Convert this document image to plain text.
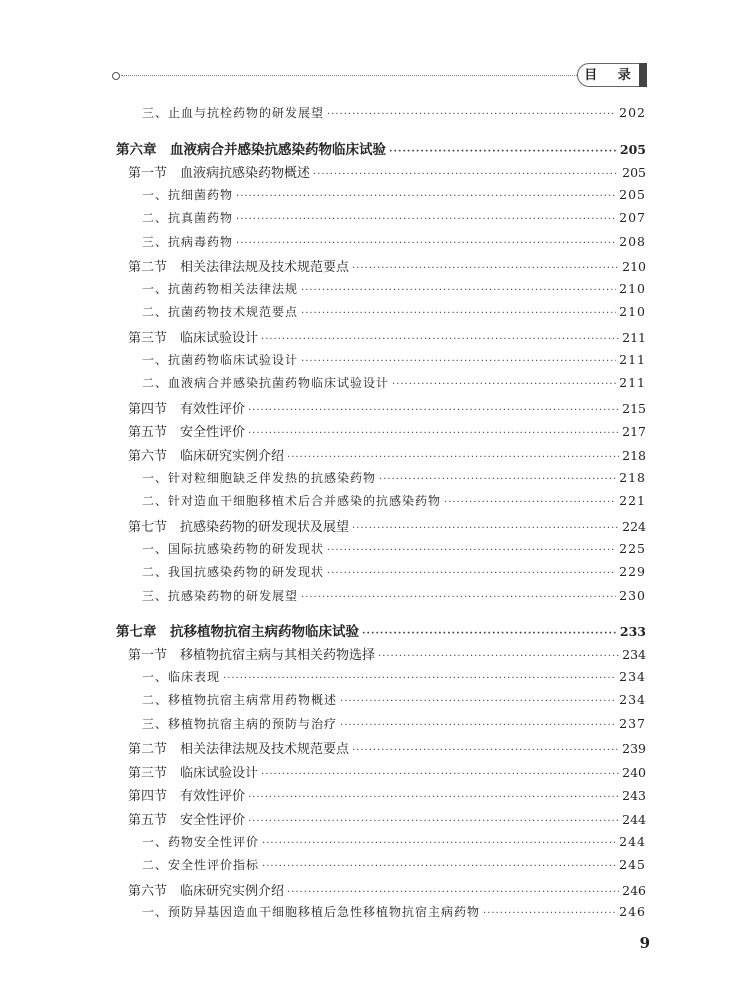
目 录
三、止血与抗栓药物的研发展望 ·····	202
第六章　血液病合并感染抗感染药物临床试验 ·····	205
第一节　血液病抗感染药物概述 ·····	205
一、抗细菌药物 ·····	205
二、抗真菌药物 ·····	207
三、抗病毒药物 ·····	208
第二节　相关法律法规及技术规范要点 ·····	210
一、抗菌药物相关法律法规 ·····	210
二、抗菌药物技术规范要点 ·····	210
第三节　临床试验设计 ·····	211
一、抗菌药物临床试验设计 ·····	211
二、血液病合并感染抗菌药物临床试验设计 ·····	211
第四节　有效性评价 ·····	215
第五节　安全性评价 ·····	217
第六节　临床研究实例介绍 ·····	218
一、针对粒细胞缺乏伴发热的抗感染药物 ·····	218
二、针对造血干细胞移植术后合并感染的抗感染药物 ·····	221
第七节　抗感染药物的研发现状及展望 ·····	224
一、国际抗感染药物的研发现状 ·····	225
二、我国抗感染药物的研发现状 ·····	229
三、抗感染药物的研发展望 ·····	230
第七章　抗移植物抗宿主病药物临床试验 ·····	233
第一节　移植物抗宿主病与其相关药物选择 ·····	234
一、临床表现 ·····	234
二、移植物抗宿主病常用药物概述 ·····	234
三、移植物抗宿主病的预防与治疗 ·····	237
第二节　相关法律法规及技术规范要点 ·····	239
第三节　临床试验设计 ·····	240
第四节　有效性评价 ·····	243
第五节　安全性评价 ·····	244
一、药物安全性评价 ·····	244
二、安全性评价指标 ·····	245
第六节　临床研究实例介绍 ·····	246
一、预防异基因造血干细胞移植后急性移植物抗宿主病药物 ·····	246
9
